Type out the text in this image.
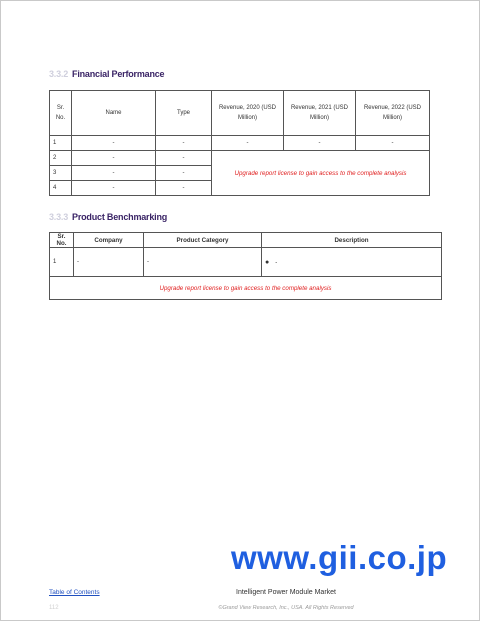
3.3.2 Financial Performance
Sr. No.	Name	Type	Revenue, 2020 (USD Million)	Revenue, 2021 (USD Million)	Revenue, 2022 (USD Million)
1	-	-	-	-	-
2	-	-	Upgrade report license to gain access to the complete analysis		
3	-	-			
4	-	-			
3.3.3 Product Benchmarking
Sr. No.	Company	Product Category	Description
1	-	-	● -
Upgrade report license to gain access to the complete analysis			
www.gii.co.jp
Table of Contents	Intelligent Power Module Market
112	©Grand View Research, Inc., USA. All Rights Reserved
